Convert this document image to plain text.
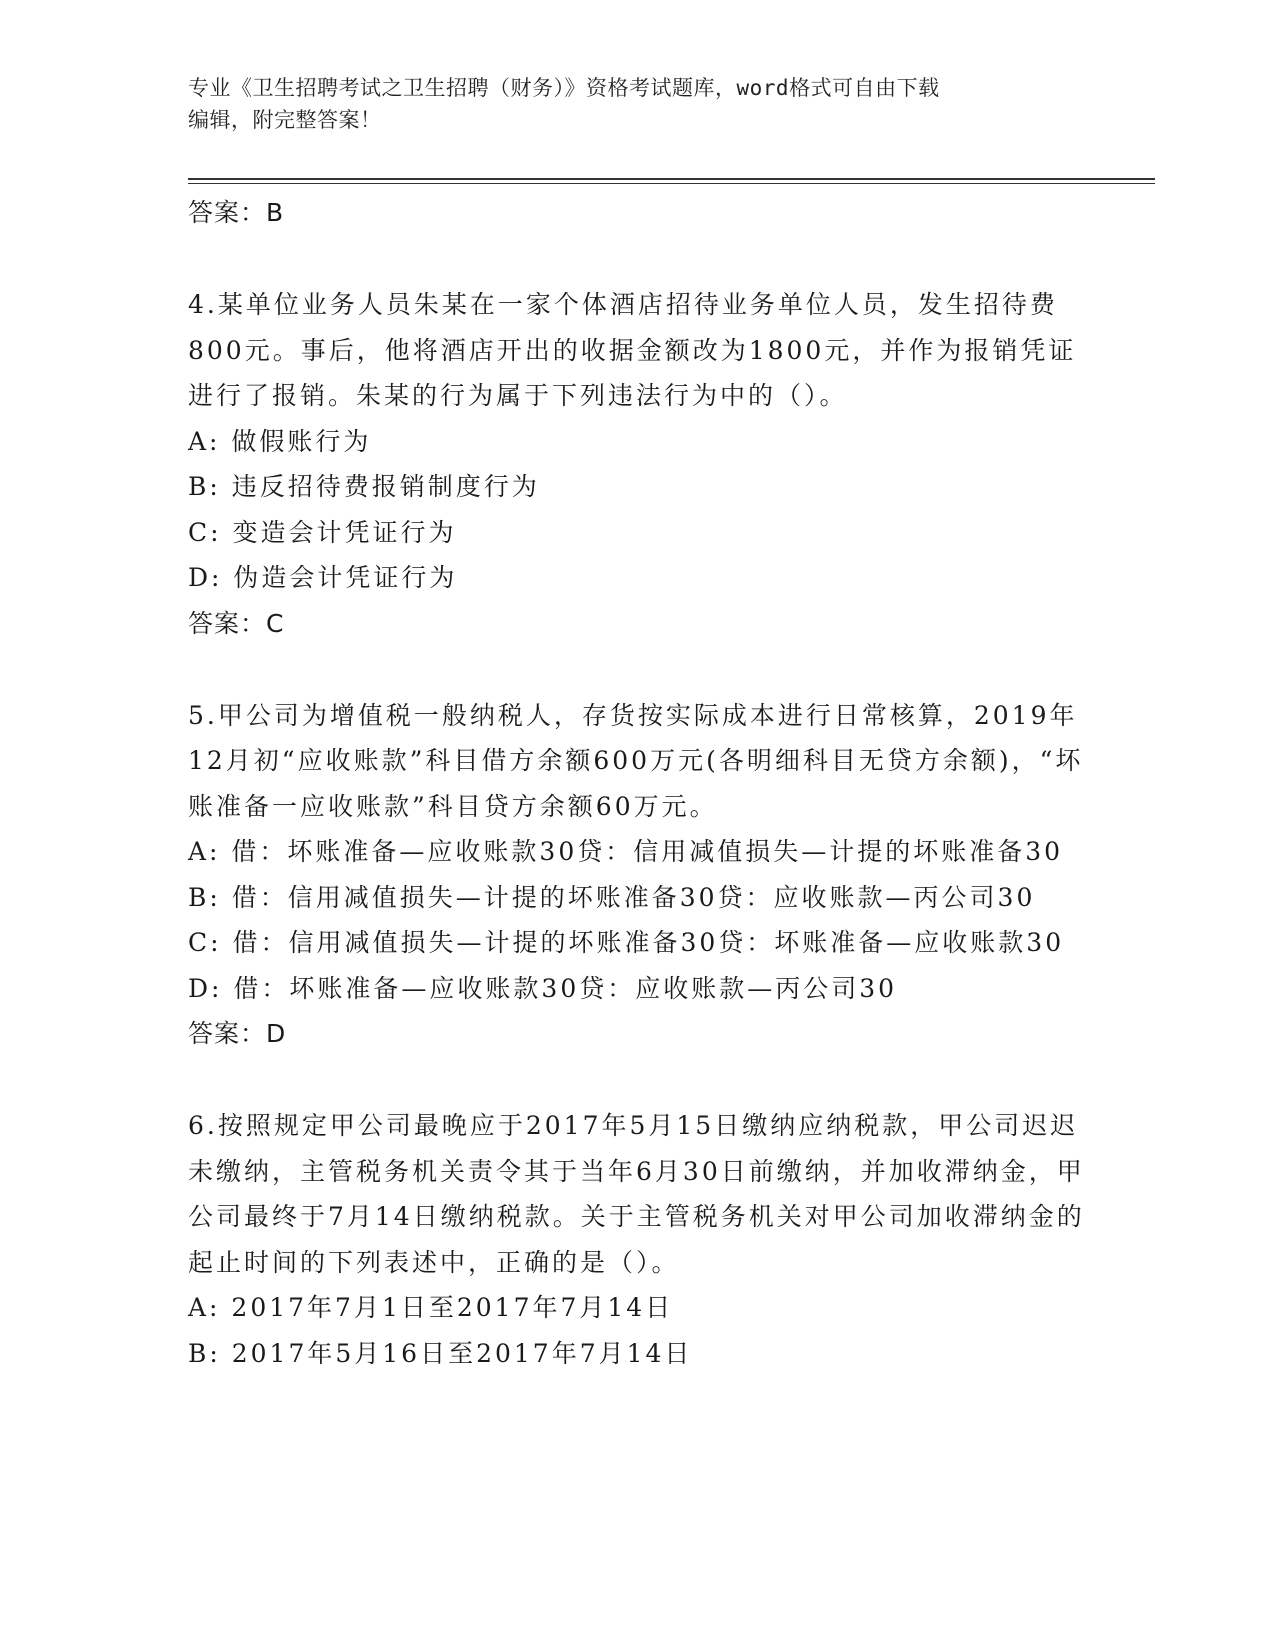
专业《卫生招聘考试之卫生招聘（财务）》资格考试题库，word格式可自由下载
编辑，附完整答案！
答案：B

4.某单位业务人员朱某在一家个体酒店招待业务单位人员，发生招待费800元。事后，他将酒店开出的收据金额改为1800元，并作为报销凭证进行了报销。朱某的行为属于下列违法行为中的（）。

A: 做假账行为

B: 违反招待费报销制度行为

C: 变造会计凭证行为

D: 伪造会计凭证行为

答案：C

5.甲公司为增值税一般纳税人，存货按实际成本进行日常核算，2019年12月初“应收账款”科目借方余额600万元(各明细科目无贷方余额)，“坏账准备一应收账款”科目贷方余额60万元。

A: 借：坏账准备—应收账款30贷：信用减值损失—计提的坏账准备30

B: 借：信用减值损失—计提的坏账准备30贷：应收账款—丙公司30

C: 借：信用减值损失—计提的坏账准备30贷：坏账准备—应收账款30

D: 借：坏账准备—应收账款30贷：应收账款—丙公司30

答案：D

6.按照规定甲公司最晚应于2017年5月15日缴纳应纳税款，甲公司迟迟未缴纳，主管税务机关责令其于当年6月30日前缴纳，并加收滞纳金，甲公司最终于7月14日缴纳税款。关于主管税务机关对甲公司加收滞纳金的起止时间的下列表述中，正确的是（）。

A: 2017年7月1日至2017年7月14日

B: 2017年5月16日至2017年7月14日
